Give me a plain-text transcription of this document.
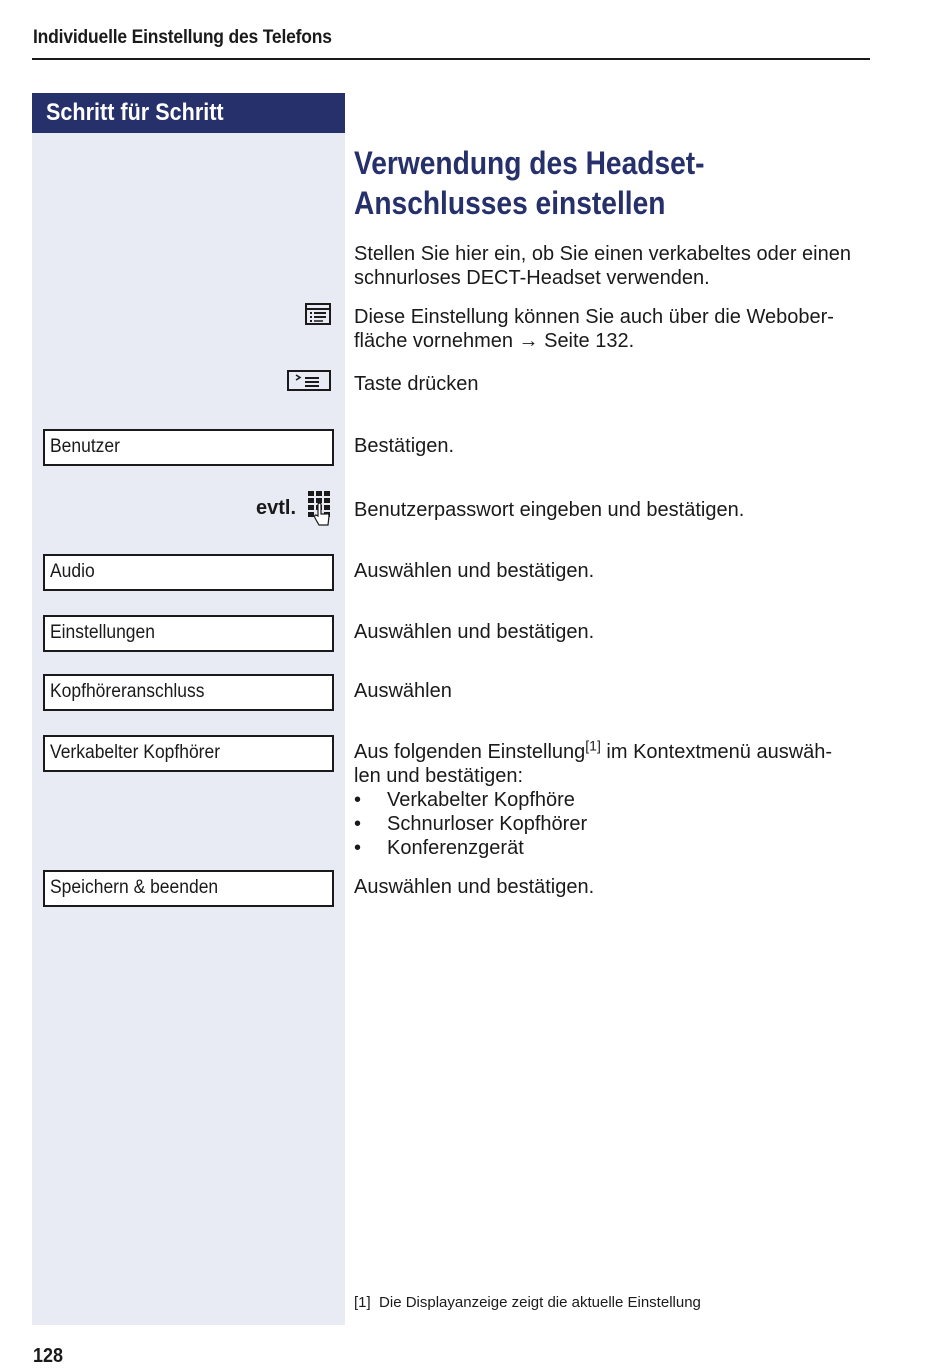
Individuelle Einstellung des Telefons
Schritt für Schritt
Verwendung des Headset-
Anschlusses einstellen
Stellen Sie hier ein, ob Sie einen verkabeltes oder einen
schnurloses DECT-Headset verwenden.
Diese Einstellung können Sie auch über die Webober-
fläche vornehmen → Seite 132.
Taste drücken
Benutzer	Bestätigen.
evtl.	Benutzerpasswort eingeben und bestätigen.
Audio	Auswählen und bestätigen.
Einstellungen	Auswählen und bestätigen.
Kopfhöreranschluss	Auswählen
Verkabelter Kopfhörer	Aus folgenden Einstellung[1] im Kontextmenü auswäh-
len und bestätigen:
• Verkabelter Kopfhöre
• Schnurloser Kopfhörer
• Konferenzgerät
Speichern & beenden	Auswählen und bestätigen.
[1] Die Displayanzeige zeigt die aktuelle Einstellung
128
